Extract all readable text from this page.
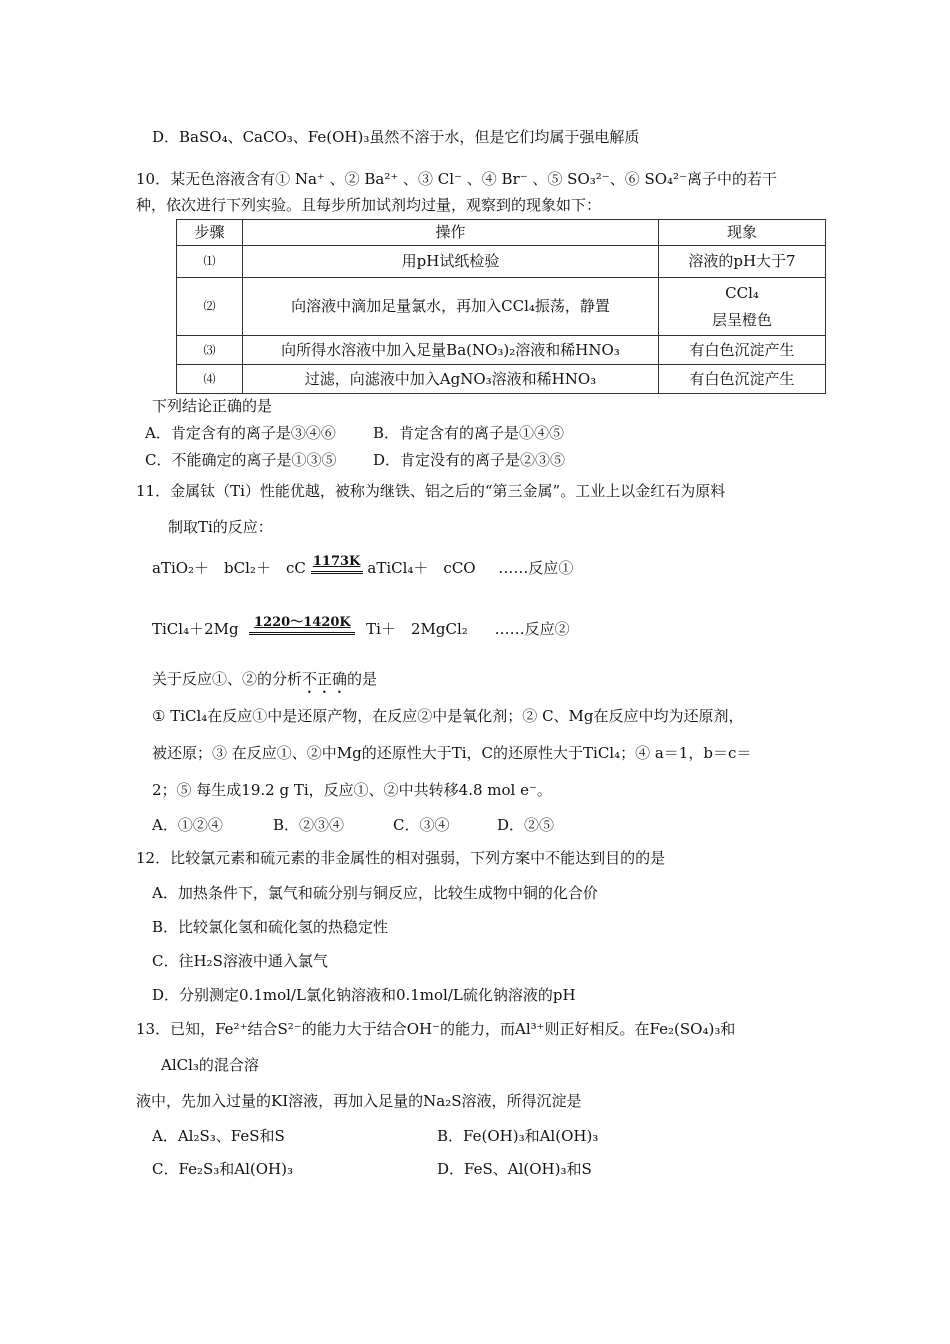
D．BaSO₄、CaCO₃、Fe(OH)₃虽然不溶于水，但是它们均属于强电解质
10．某无色溶液含有① Na⁺ 、② Ba²⁺ 、③ Cl⁻ 、④ Br⁻ 、⑤ SO₃²⁻、⑥ SO₄²⁻离子中的若干
种，依次进行下列实验。且每步所加试剂均过量，观察到的现象如下：
步骤	操作	现象
⑴	用pH试纸检验	溶液的pH大于7
⑵	向溶液中滴加足量氯水，再加入CCl₄振荡，静置	CCl₄
层呈橙色

⑶	向所得水溶液中加入足量Ba(NO₃)₂溶液和稀HNO₃	有白色沉淀产生
⑷	过滤，向滤液中加入AgNO₃溶液和稀HNO₃	有白色沉淀产生
下列结论正确的是
A．肯定含有的离子是③④⑥ B．肯定含有的离子是①④⑤
C．不能确定的离子是①③⑤ D．肯定没有的离子是②③⑤
11．金属钛（Ti）性能优越，被称为继铁、铝之后的“第三金属”。工业上以金红石为原料
制取Ti的反应：
aTiO₂＋　bCl₂＋　cC 1173K aTiCl₄＋　cCO ……反应①
TiCl₄＋2Mg	1220～1420K	Ti＋　2MgCl₂ ……反应②
关于反应①、②的分析不正确的是
① TiCl₄在反应①中是还原产物，在反应②中是氧化剂；② C、Mg在反应中均为还原剂，
被还原；③ 在反应①、②中Mg的还原性大于Ti，C的还原性大于TiCl₄；④ a＝1，b＝c＝
2；⑤ 每生成19.2 g Ti，反应①、②中共转移4.8 mol e⁻。
A．①②④	B．②③④	C．③④	D．②⑤
12．比较氯元素和硫元素的非金属性的相对强弱，下列方案中不能达到目的的是
A．加热条件下，氯气和硫分别与铜反应，比较生成物中铜的化合价
B．比较氯化氢和硫化氢的热稳定性
C．往H₂S溶液中通入氯气
D．分别测定0.1mol/L氯化钠溶液和0.1mol/L硫化钠溶液的pH
13．已知，Fe²⁺结合S²⁻的能力大于结合OH⁻的能力，而Al³⁺则正好相反。在Fe₂(SO₄)₃和
AlCl₃的混合溶
液中，先加入过量的KI溶液，再加入足量的Na₂S溶液，所得沉淀是
A．Al₂S₃、FeS和S	B．Fe(OH)₃和Al(OH)₃
C．Fe₂S₃和Al(OH)₃	D．FeS、Al(OH)₃和S
